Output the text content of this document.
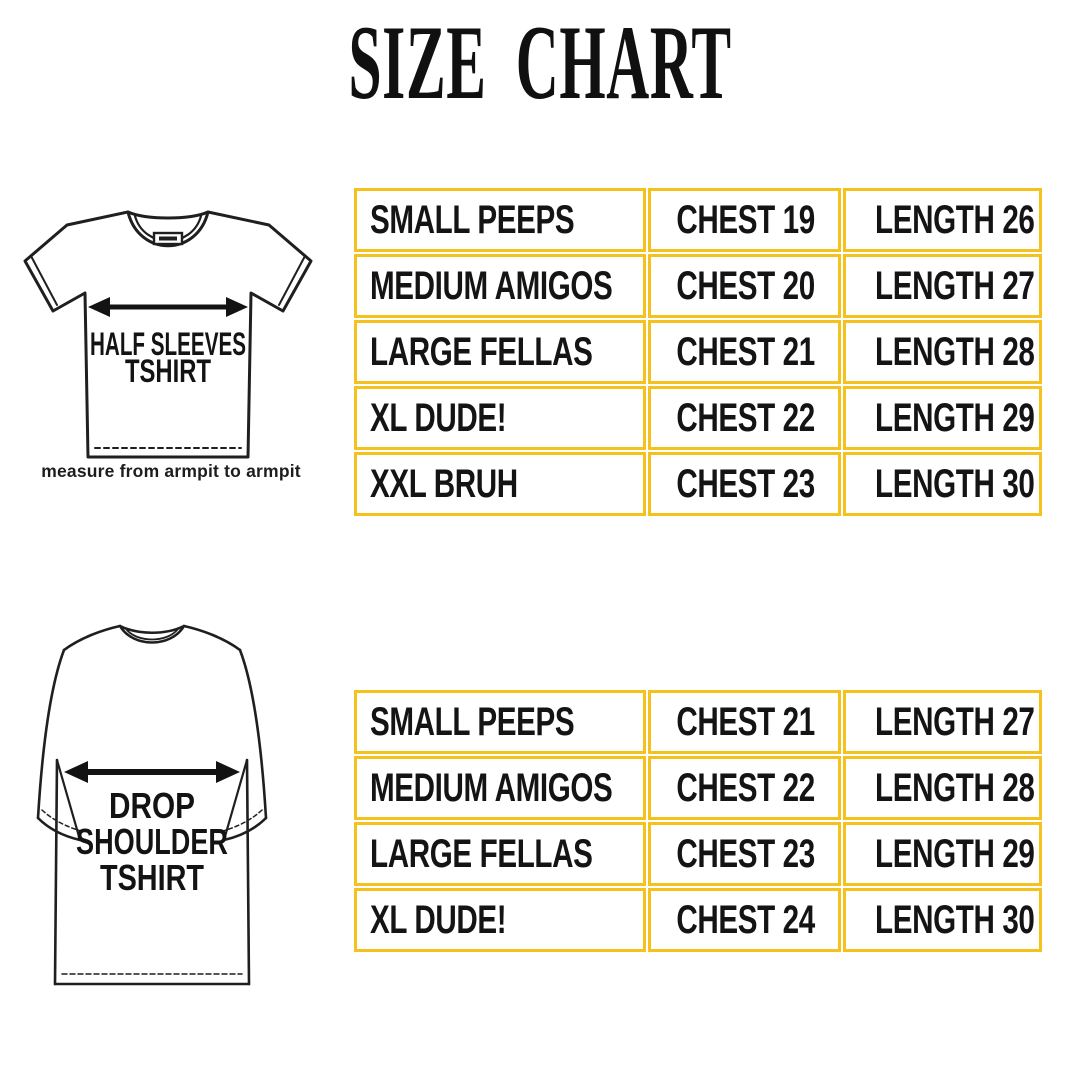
SIZE CHART
HALF SLEEVES
TSHIRT
measure from armpit to armpit
SMALL PEEPS	CHEST 19	LENGTH 26
MEDIUM AMIGOS	CHEST 20	LENGTH 27
LARGE FELLAS	CHEST 21	LENGTH 28
XL DUDE!	CHEST 22	LENGTH 29
XXL BRUH	CHEST 23	LENGTH 30
DROP
SHOULDER
TSHIRT
SMALL PEEPS	CHEST 21	LENGTH 27
MEDIUM AMIGOS	CHEST 22	LENGTH 28
LARGE FELLAS	CHEST 23	LENGTH 29
XL DUDE!	CHEST 24	LENGTH 30
